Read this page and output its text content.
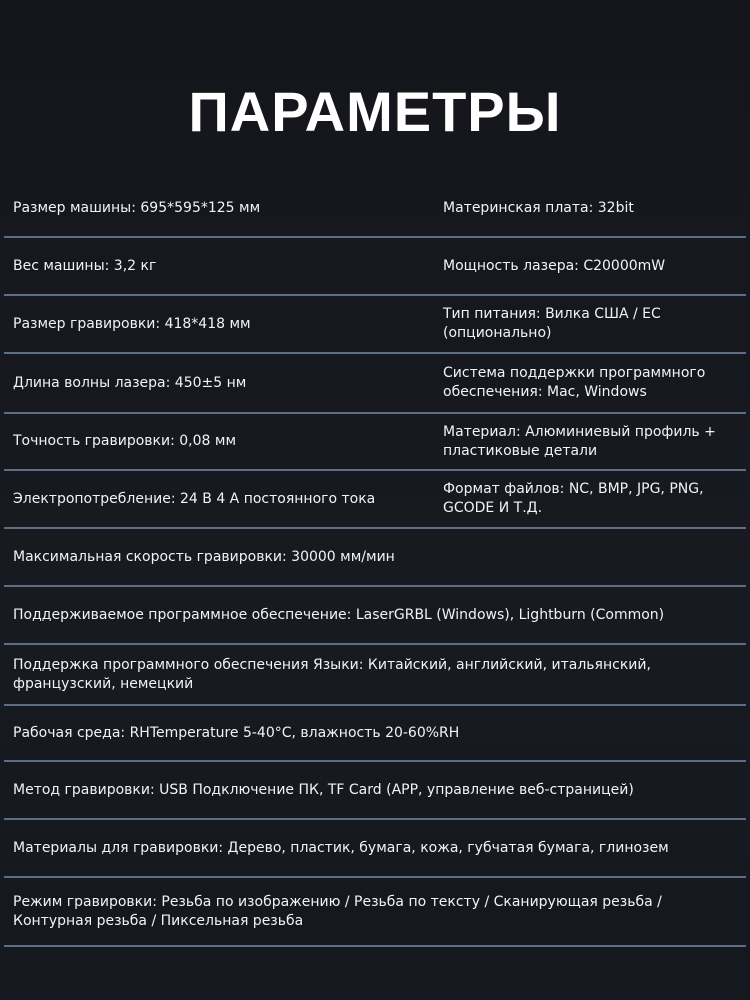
ПАРАМЕТРЫ
Размер машины: 695*595*125 мм	Материнская плата: 32bit
Вес машины: 3,2 кг	Мощность лазера: C20000mW
Размер гравировки: 418*418 мм
Тип питания: Вилка США / ЕС (опционально)
Длина волны лазера: 450±5 нм
Система поддержки программного обеспечения: Mac, Windows
Точность гравировки: 0,08 мм
Материал: Алюминиевый профиль + пластиковые детали
Электропотребление: 24 В 4 А постоянного тока
Формат файлов: NC, BMP, JPG, PNG, GCODE И Т.Д.
Максимальная скорость гравировки: 30000 мм/мин
Поддерживаемое программное обеспечение: LaserGRBL (Windows), Lightburn (Common)
Поддержка программного обеспечения Языки: Китайский, английский, итальянский, французский, немецкий
Рабочая среда: RHTemperature 5-40°C, влажность 20-60%RH
Метод гравировки: USB Подключение ПК, TF Card (APP, управление веб-страницей)
Материалы для гравировки: Дерево, пластик, бумага, кожа, губчатая бумага, глинозем
Режим гравировки: Резьба по изображению / Резьба по тексту / Сканирующая резьба / Контурная резьба / Пиксельная резьба
